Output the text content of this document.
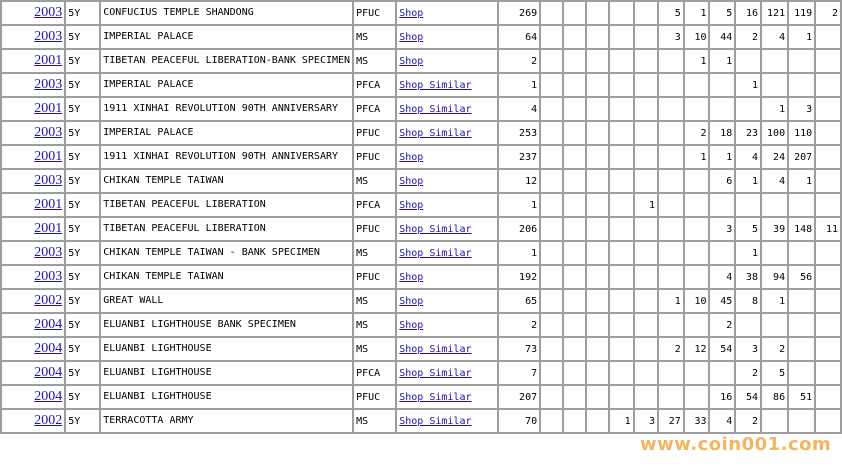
2003	5Y	CONFUCIUS TEMPLE SHANDONG	PFUC	Shop	269						5	1	5	16	121	119	2
2003	5Y	IMPERIAL PALACE	MS	Shop	64						3	10	44	2	4	1	
2001	5Y	TIBETAN PEACEFUL LIBERATION-BANK SPECIMEN	MS	Shop	2							1	1				
2003	5Y	IMPERIAL PALACE	PFCA	Shop Similar	1									1			
2001	5Y	1911 XINHAI REVOLUTION 90TH ANNIVERSARY	PFCA	Shop Similar	4										1	3	
2003	5Y	IMPERIAL PALACE	PFUC	Shop Similar	253							2	18	23	100	110	
2001	5Y	1911 XINHAI REVOLUTION 90TH ANNIVERSARY	PFUC	Shop	237							1	1	4	24	207	
2003	5Y	CHIKAN TEMPLE TAIWAN	MS	Shop	12								6	1	4	1	
2001	5Y	TIBETAN PEACEFUL LIBERATION	PFCA	Shop	1					1							
2001	5Y	TIBETAN PEACEFUL LIBERATION	PFUC	Shop Similar	206								3	5	39	148	11
2003	5Y	CHIKAN TEMPLE TAIWAN - BANK SPECIMEN	MS	Shop Similar	1									1			
2003	5Y	CHIKAN TEMPLE TAIWAN	PFUC	Shop	192								4	38	94	56	
2002	5Y	GREAT WALL	MS	Shop	65						1	10	45	8	1		
2004	5Y	ELUANBI LIGHTHOUSE BANK SPECIMEN	MS	Shop	2								2				
2004	5Y	ELUANBI LIGHTHOUSE	MS	Shop Similar	73						2	12	54	3	2		
2004	5Y	ELUANBI LIGHTHOUSE	PFCA	Shop Similar	7									2	5		
2004	5Y	ELUANBI LIGHTHOUSE	PFUC	Shop Similar	207								16	54	86	51	
2002	5Y	TERRACOTTA ARMY	MS	Shop Similar	70				1	3	27	33	4	2			
www.coin001.com
